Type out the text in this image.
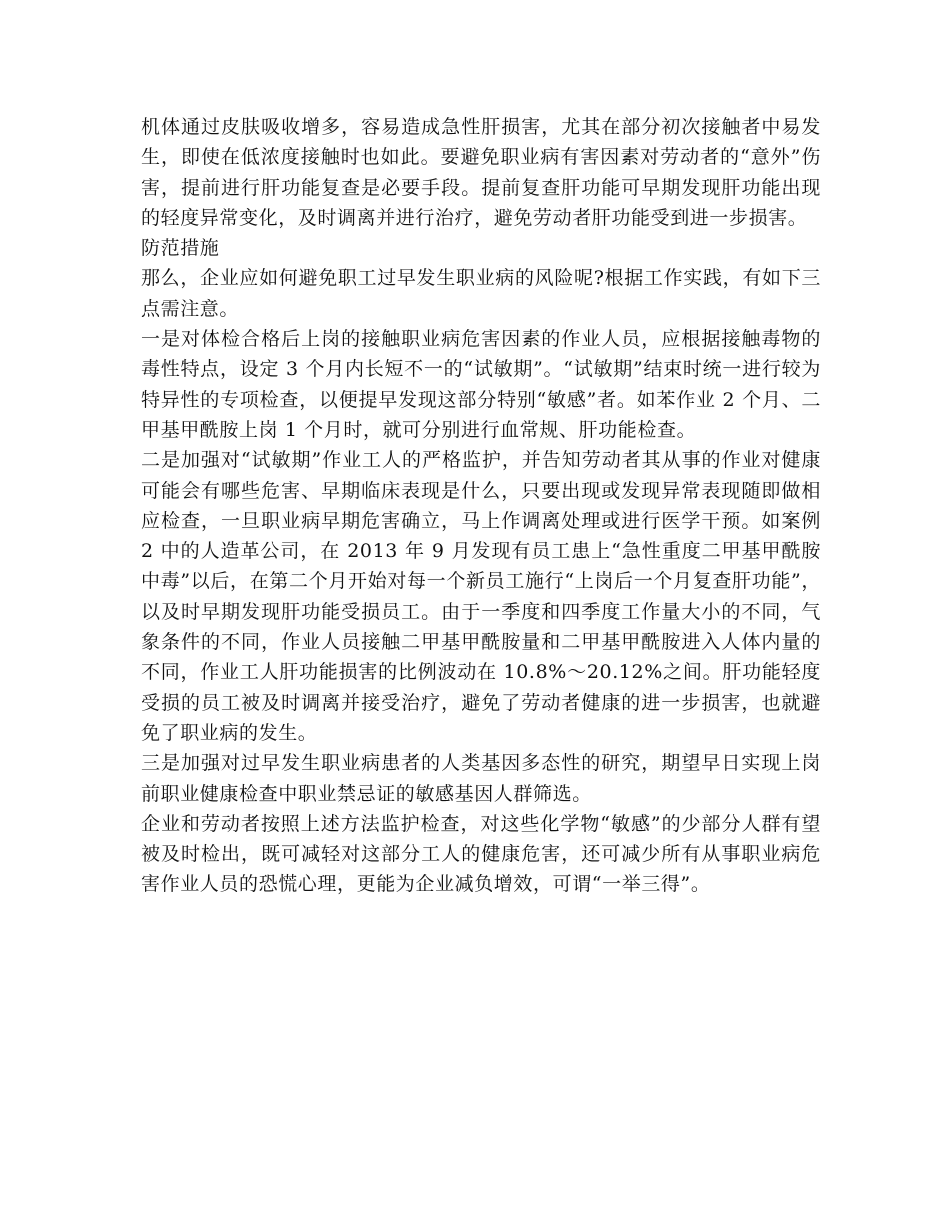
机体通过皮肤吸收增多，容易造成急性肝损害，尤其在部分初次接触者中易发生，即使在低浓度接触时也如此。要避免职业病有害因素对劳动者的“意外”伤害，提前进行肝功能复查是必要手段。提前复查肝功能可早期发现肝功能出现的轻度异常变化，及时调离并进行治疗，避免劳动者肝功能受到进一步损害。

防范措施

那么，企业应如何避免职工过早发生职业病的风险呢?根据工作实践，有如下三点需注意。

一是对体检合格后上岗的接触职业病危害因素的作业人员，应根据接触毒物的毒性特点，设定 3 个月内长短不一的“试敏期”。“试敏期”结束时统一进行较为特异性的专项检查，以便提早发现这部分特别“敏感”者。如苯作业 2 个月、二甲基甲酰胺上岗 1 个月时，就可分别进行血常规、肝功能检查。

二是加强对“试敏期”作业工人的严格监护，并告知劳动者其从事的作业对健康可能会有哪些危害、早期临床表现是什么，只要出现或发现异常表现随即做相应检查，一旦职业病早期危害确立，马上作调离处理或进行医学干预。如案例 2 中的人造革公司，在 2013 年 9 月发现有员工患上“急性重度二甲基甲酰胺中毒”以后，在第二个月开始对每一个新员工施行“上岗后一个月复查肝功能”，以及时早期发现肝功能受损员工。由于一季度和四季度工作量大小的不同，气象条件的不同，作业人员接触二甲基甲酰胺量和二甲基甲酰胺进入人体内量的不同，作业工人肝功能损害的比例波动在 10.8%～20.12%之间。肝功能轻度受损的员工被及时调离并接受治疗，避免了劳动者健康的进一步损害，也就避免了职业病的发生。

三是加强对过早发生职业病患者的人类基因多态性的研究，期望早日实现上岗前职业健康检查中职业禁忌证的敏感基因人群筛选。

企业和劳动者按照上述方法监护检查，对这些化学物“敏感”的少部分人群有望被及时检出，既可减轻对这部分工人的健康危害，还可减少所有从事职业病危害作业人员的恐慌心理，更能为企业减负增效，可谓“一举三得”。
